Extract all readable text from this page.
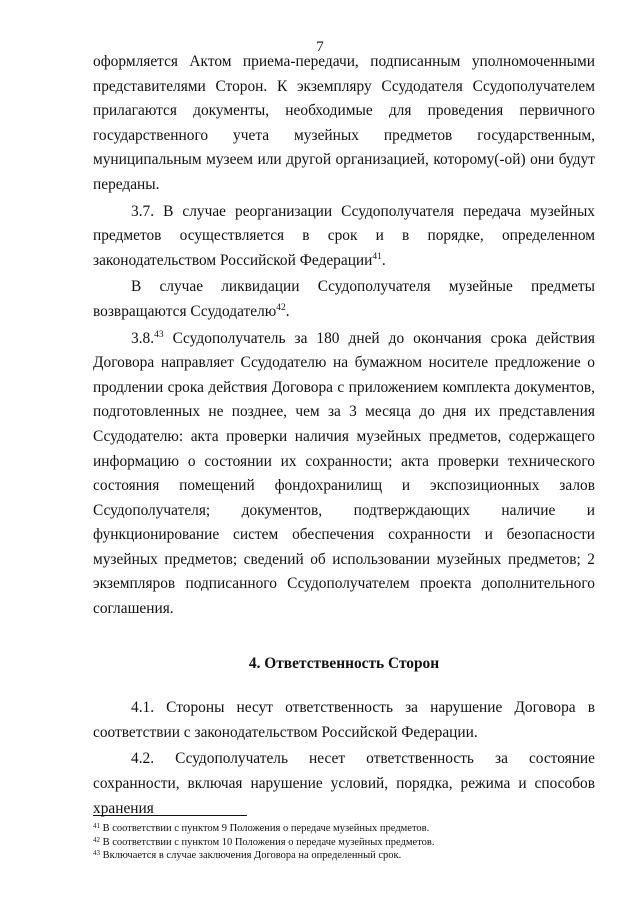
7

оформляется Актом приема-передачи, подписанным уполномоченными представителями Сторон. К экземпляру Ссудодателя Ссудополучателем прилагаются документы, необходимые для проведения первичного государственного учета музейных предметов государственным, муниципальным музеем или другой организацией, которому(-ой) они будут переданы.

3.7. В случае реорганизации Ссудополучателя передача музейных предметов осуществляется в срок и в порядке, определенном законодательством Российской Федерации$^{41}$.

В случае ликвидации Ссудополучателя музейные предметы возвращаются Ссудодателю$^{42}$.

3.8.43 Ссудополучатель за 180 дней до окончания срока действия Договора направляет Ссудодателю на бумажном носителе предложение о продлении срока действия Договора с приложением комплекта документов, подготовленных не позднее, чем за 3 месяца до дня их представления Ссудодателю: акта проверки наличия музейных предметов, содержащего информацию о состоянии их сохранности; акта проверки технического состояния помещений фондохранилищ и экспозиционных залов Ссудополучателя; документов, подтверждающих наличие и функционирование систем обеспечения сохранности и безопасности музейных предметов; сведений об использовании музейных предметов; 2 экземпляров подписанного Ссудополучателем проекта дополнительного соглашения.

4. Ответственность Сторон

4.1. Стороны несут ответственность за нарушение Договора в соответствии с законодательством Российской Федерации.

4.2. Ссудополучатель несет ответственность за состояние сохранности, включая нарушение условий, порядка, режима и способов хранения

$^{41}$ В соответствии с пунктом 9 Положения о передаче музейных предметов.

$^{42}$ В соответствии с пунктом 10 Положения о передаче музейных предметов.

$^{43}$ Включается в случае заключения Договора на определенный срок.
